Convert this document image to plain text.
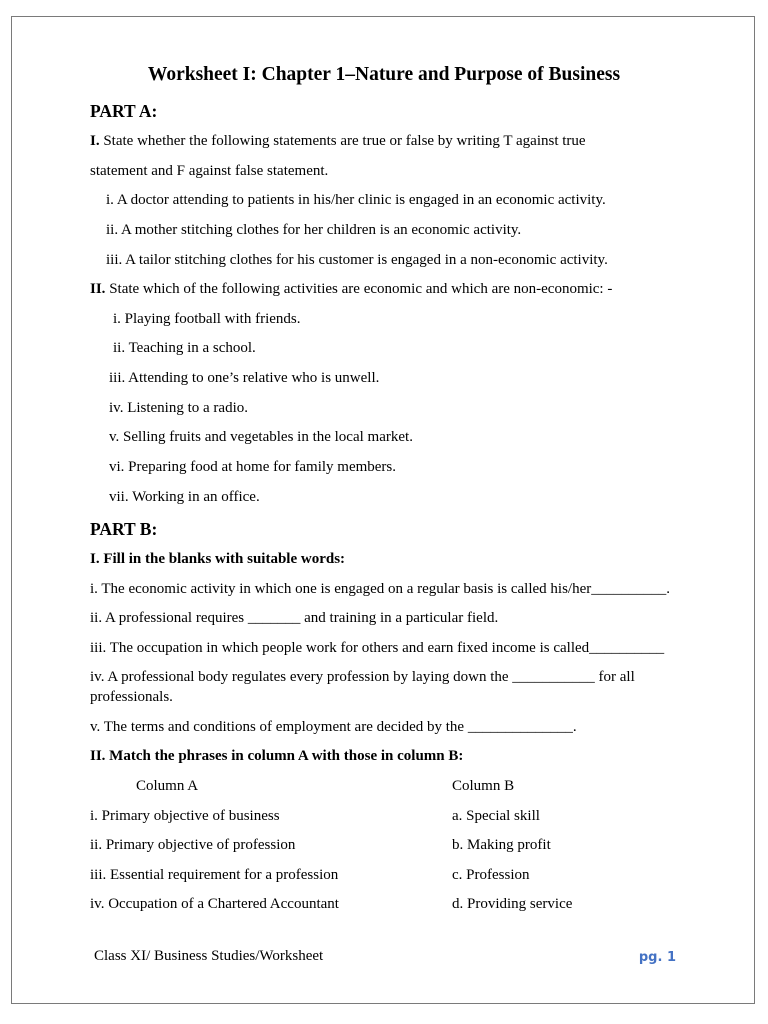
Worksheet I: Chapter 1–Nature and Purpose of Business
PART A:
I. State whether the following statements are true or false by writing T against true
statement and F against false statement.
i. A doctor attending to patients in his/her clinic is engaged in an economic activity.
ii. A mother stitching clothes for her children is an economic activity.
iii. A tailor stitching clothes for his customer is engaged in a non-economic activity.
II. State which of the following activities are economic and which are non-economic: -
i. Playing football with friends.
ii. Teaching in a school.
iii. Attending to one’s relative who is unwell.
iv. Listening to a radio.
v. Selling fruits and vegetables in the local market.
vi. Preparing food at home for family members.
vii. Working in an office.
PART B:
I. Fill in the blanks with suitable words:
i. The economic activity in which one is engaged on a regular basis is called his/her__________.
ii. A professional requires _______ and training in a particular field.
iii. The occupation in which people work for others and earn fixed income is called__________
iv. A professional body regulates every profession by laying down the ___________ for all
professionals.
v. The terms and conditions of employment are decided by the ______________.
II. Match the phrases in column A with those in column B:
Column A	Column B
i. Primary objective of business	a. Special skill
ii. Primary objective of profession	b. Making profit
iii. Essential requirement for a profession	c. Profession
iv. Occupation of a Chartered Accountant	d. Providing service
Class XI/ Business Studies/Worksheet	pg. 1
